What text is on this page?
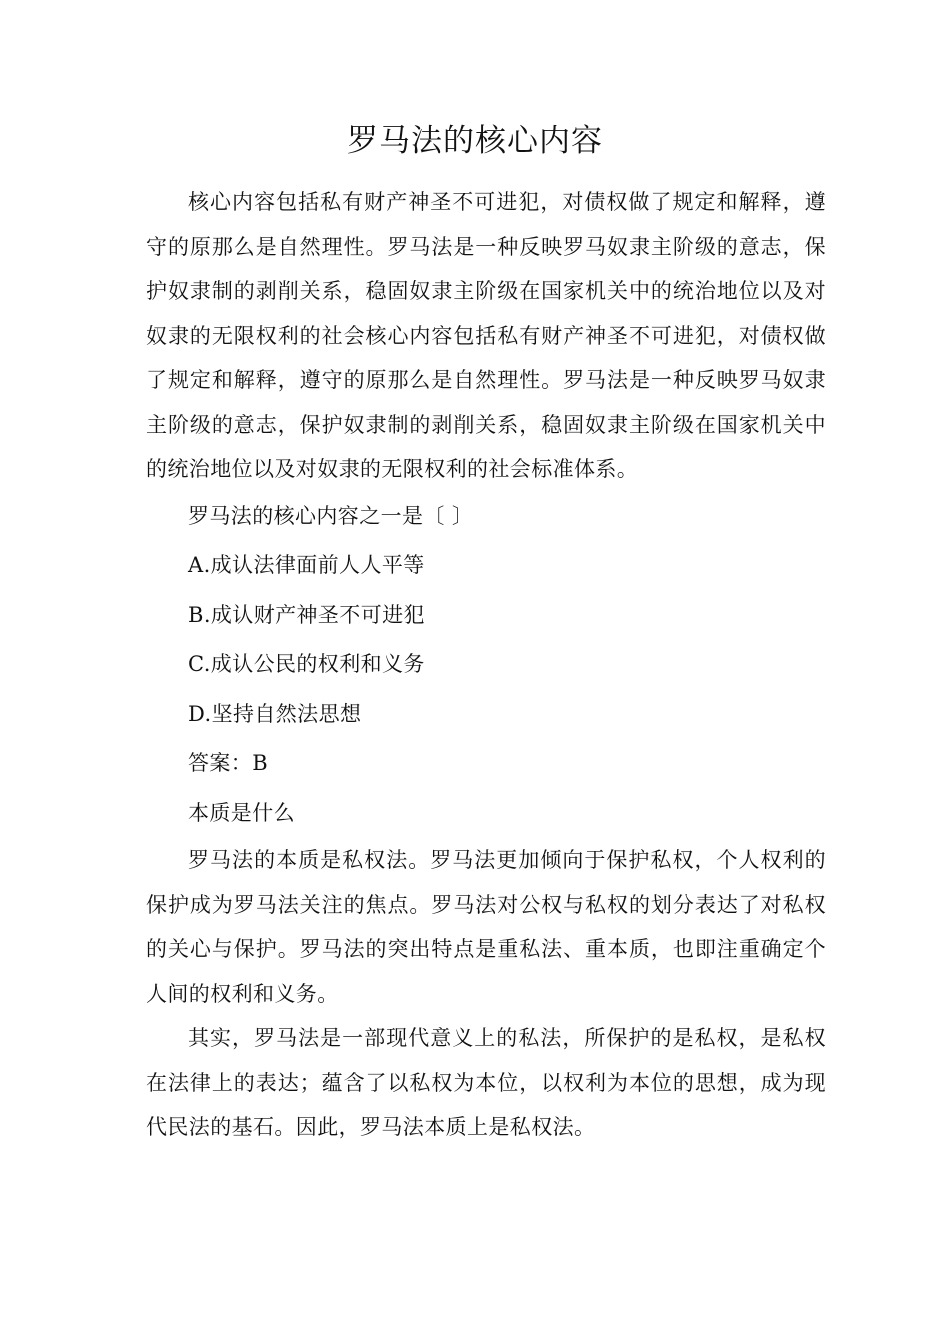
罗马法的核心内容

核心内容包括私有财产神圣不可进犯，对债权做了规定和解释，遵守的原那么是自然理性。罗马法是一种反映罗马奴隶主阶级的意志，保护奴隶制的剥削关系，稳固奴隶主阶级在国家机关中的统治地位以及对奴隶的无限权利的社会核心内容包括私有财产神圣不可进犯，对债权做了规定和解释，遵守的原那么是自然理性。罗马法是一种反映罗马奴隶主阶级的意志，保护奴隶制的剥削关系，稳固奴隶主阶级在国家机关中的统治地位以及对奴隶的无限权利的社会标准体系。

罗马法的核心内容之一是〔 〕

A.成认法律面前人人平等

B.成认财产神圣不可进犯

C.成认公民的权利和义务

D.坚持自然法思想

答案：B

本质是什么

罗马法的本质是私权法。罗马法更加倾向于保护私权，个人权利的保护成为罗马法关注的焦点。罗马法对公权与私权的划分表达了对私权的关心与保护。罗马法的突出特点是重私法、重本质，也即注重确定个人间的权利和义务。

其实，罗马法是一部现代意义上的私法，所保护的是私权，是私权在法律上的表达；蕴含了以私权为本位，以权利为本位的思想，成为现代民法的基石。因此，罗马法本质上是私权法。
